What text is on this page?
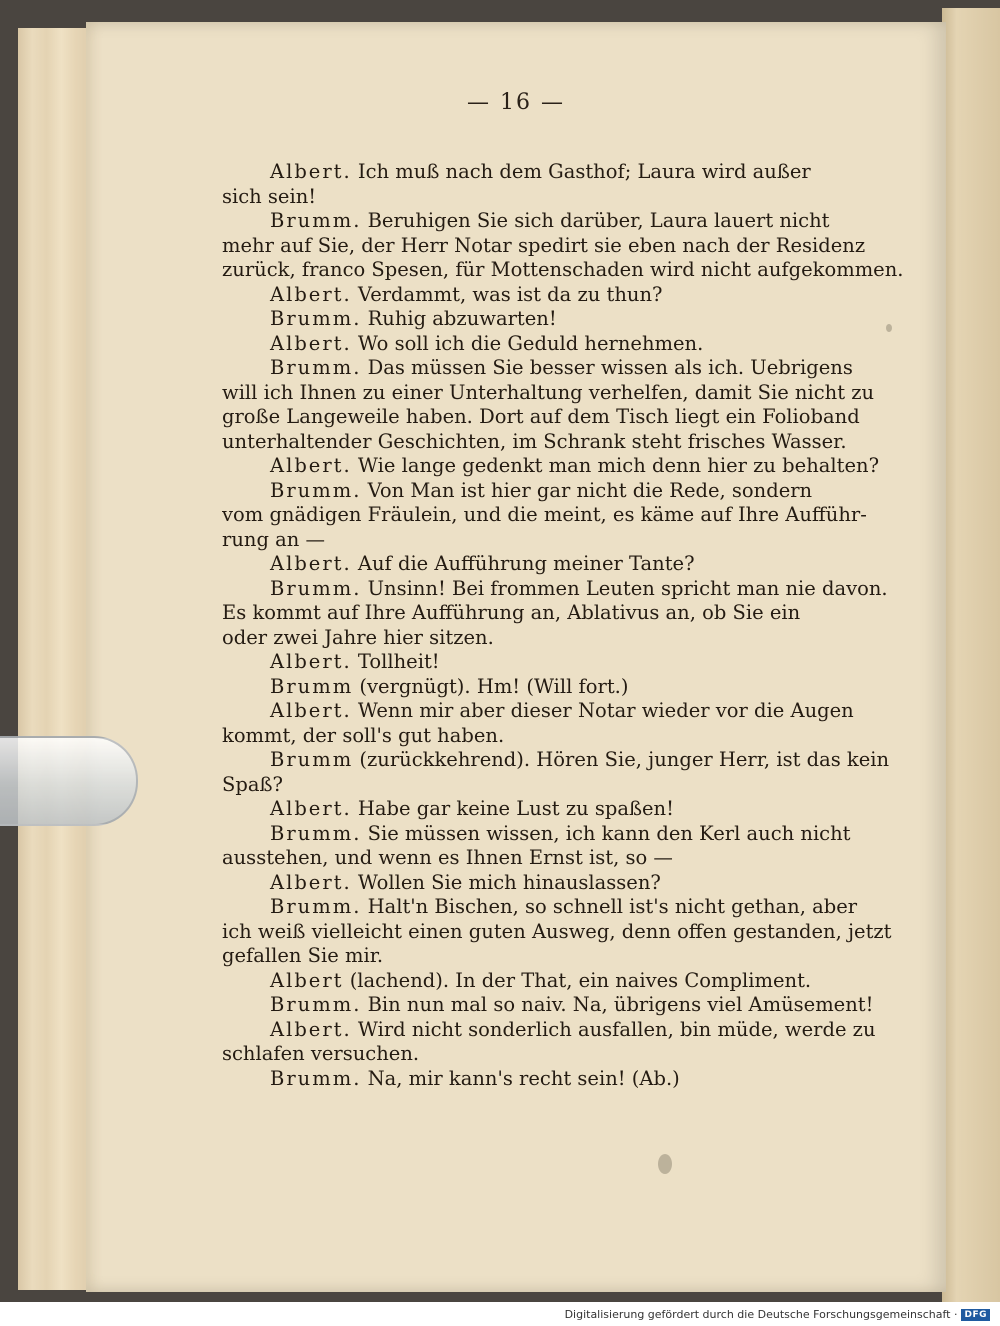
— 16 —
Albert. Ich muß nach dem Gasthof; Laura wird außer
sich sein!
Brumm. Beruhigen Sie sich darüber, Laura lauert nicht
mehr auf Sie, der Herr Notar spedirt sie eben nach der Residenz
zurück, franco Spesen, für Mottenschaden wird nicht aufgekommen.
Albert. Verdammt, was ist da zu thun?
Brumm. Ruhig abzuwarten!
Albert. Wo soll ich die Geduld hernehmen.
Brumm. Das müssen Sie besser wissen als ich. Uebrigens
will ich Ihnen zu einer Unterhaltung verhelfen, damit Sie nicht zu
große Langeweile haben. Dort auf dem Tisch liegt ein Folioband
unterhaltender Geschichten, im Schrank steht frisches Wasser.
Albert. Wie lange gedenkt man mich denn hier zu behalten?
Brumm. Von Man ist hier gar nicht die Rede, sondern
vom gnädigen Fräulein, und die meint, es käme auf Ihre Aufführ-
rung an —
Albert. Auf die Aufführung meiner Tante?
Brumm. Unsinn! Bei frommen Leuten spricht man nie davon.
Es kommt auf Ihre Aufführung an, Ablativus an, ob Sie ein
oder zwei Jahre hier sitzen.
Albert. Tollheit!
Brumm (vergnügt). Hm! (Will fort.)
Albert. Wenn mir aber dieser Notar wieder vor die Augen
kommt, der soll's gut haben.
Brumm (zurückkehrend). Hören Sie, junger Herr, ist das kein
Spaß?
Albert. Habe gar keine Lust zu spaßen!
Brumm. Sie müssen wissen, ich kann den Kerl auch nicht
ausstehen, und wenn es Ihnen Ernst ist, so —
Albert. Wollen Sie mich hinauslassen?
Brumm. Halt'n Bischen, so schnell ist's nicht gethan, aber
ich weiß vielleicht einen guten Ausweg, denn offen gestanden, jetzt
gefallen Sie mir.
Albert (lachend). In der That, ein naives Compliment.
Brumm. Bin nun mal so naiv. Na, übrigens viel Amüsement!
Albert. Wird nicht sonderlich ausfallen, bin müde, werde zu
schlafen versuchen.
Brumm. Na, mir kann's recht sein! (Ab.)
Digitalisierung gefördert durch die Deutsche Forschungsgemeinschaft · DFG
